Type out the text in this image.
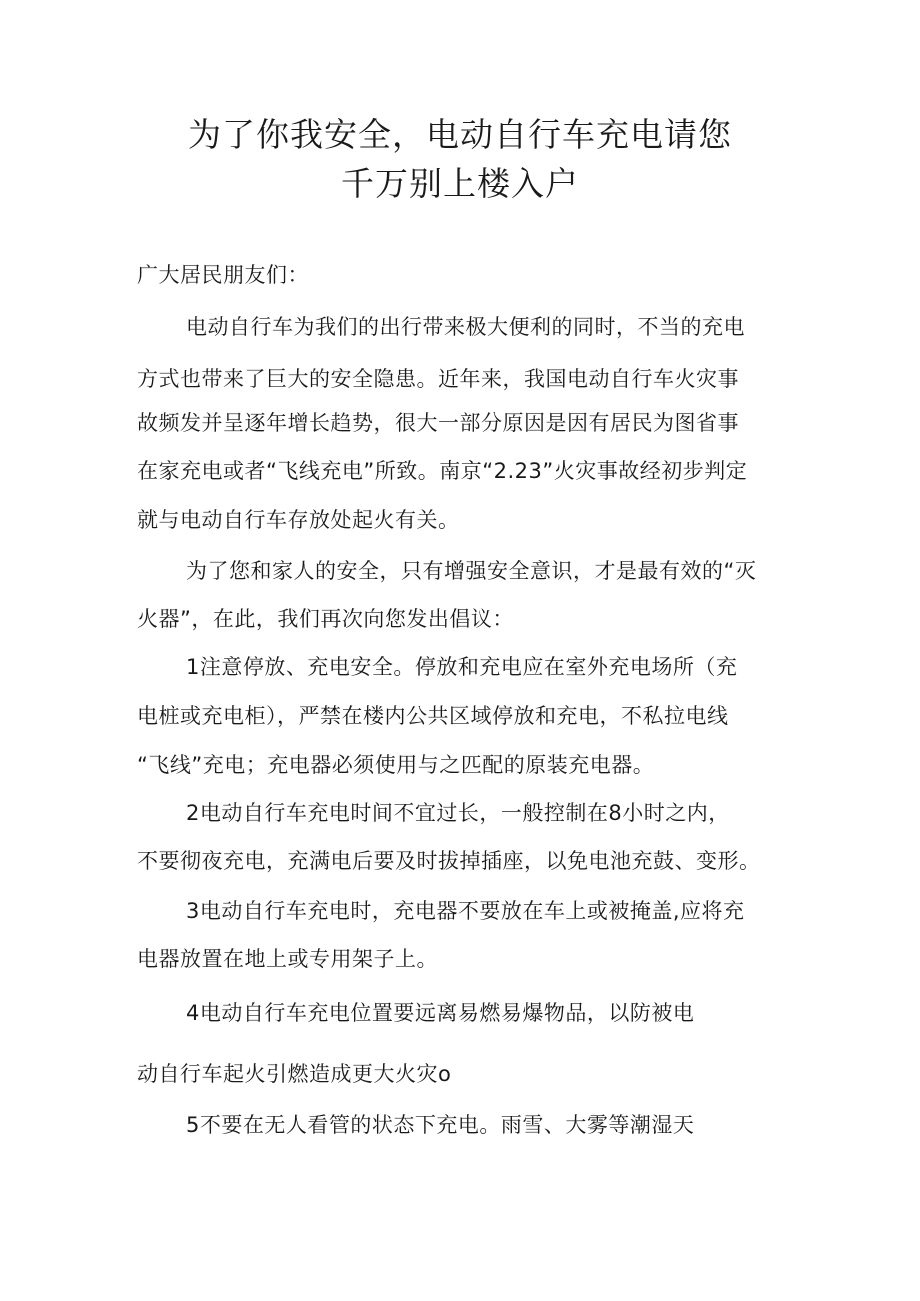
为了你我安全，电动自行车充电请您
千万别上楼入户
广大居民朋友们：
电动自行车为我们的出行带来极大便利的同时，不当的充电
方式也带来了巨大的安全隐患。近年来，我国电动自行车火灾事
故频发并呈逐年增长趋势，很大一部分原因是因有居民为图省事
在家充电或者“飞线充电”所致。南京“2.23”火灾事故经初步判定
就与电动自行车存放处起火有关。
为了您和家人的安全，只有增强安全意识，才是最有效的“灭
火器”，在此，我们再次向您发出倡议：
1注意停放、充电安全。停放和充电应在室外充电场所（充
电桩或充电柜），严禁在楼内公共区域停放和充电，不私拉电线
“飞线”充电；充电器必须使用与之匹配的原装充电器。
2电动自行车充电时间不宜过长，一般控制在8小时之内，
不要彻夜充电，充满电后要及时拔掉插座，以免电池充鼓、变形。
3电动自行车充电时，充电器不要放在车上或被掩盖,应将充
电器放置在地上或专用架子上。
4电动自行车充电位置要远离易燃易爆物品，以防被电
动自行车起火引燃造成更大火灾o
5不要在无人看管的状态下充电。雨雪、大雾等潮湿天
